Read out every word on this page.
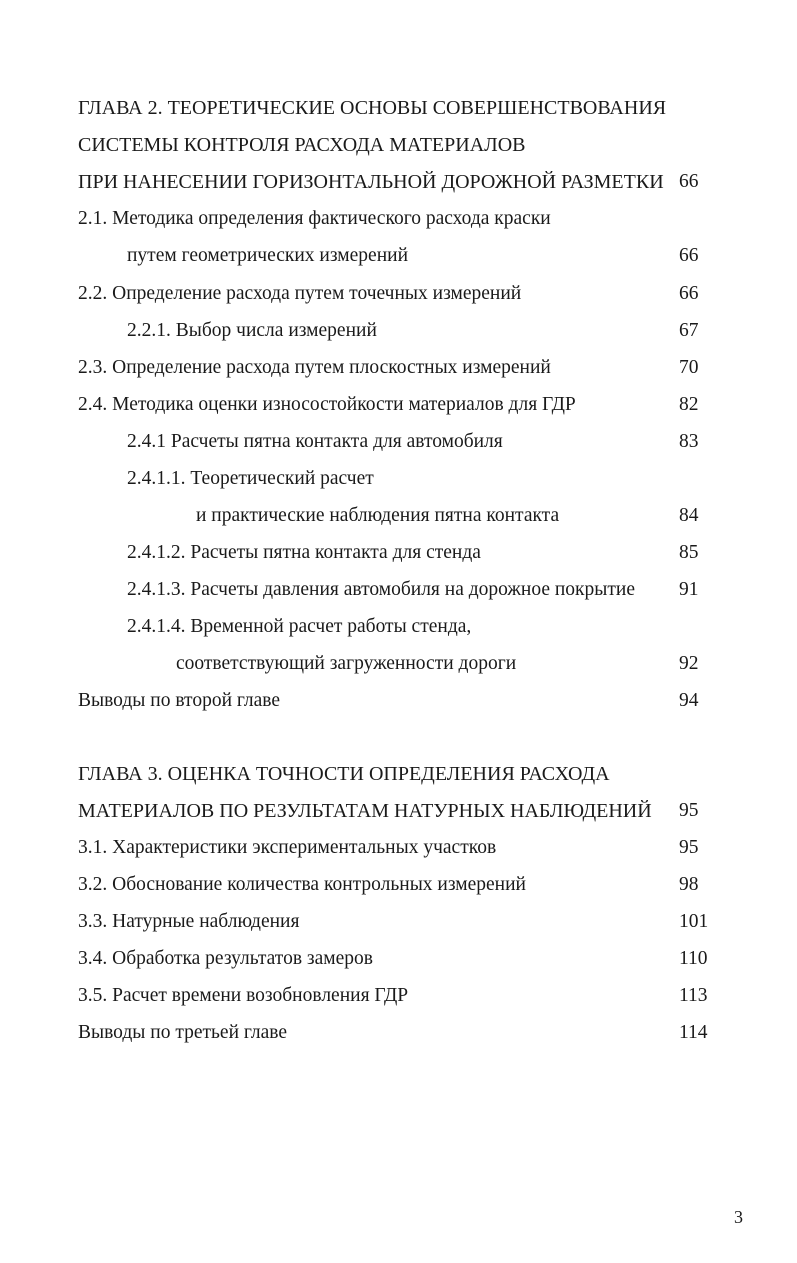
ГЛАВА 2. ТЕОРЕТИЧЕСКИЕ ОСНОВЫ СОВЕРШЕНСТВОВАНИЯ
СИСТЕМЫ КОНТРОЛЯ РАСХОДА МАТЕРИАЛОВ
ПРИ НАНЕСЕНИИ ГОРИЗОНТАЛЬНОЙ ДОРОЖНОЙ РАЗМЕТКИ 66
2.1. Методика определения фактического расхода краски
путем геометрических измерений	66
2.2. Определение расхода путем точечных измерений	66
2.2.1. Выбор числа измерений	67
2.3. Определение расхода путем плоскостных измерений	70
2.4. Методика оценки износостойкости материалов для ГДР	82
2.4.1 Расчеты пятна контакта для автомобиля	83
2.4.1.1. Теоретический расчет
и практические наблюдения пятна контакта	84
2.4.1.2. Расчеты пятна контакта для стенда	85
2.4.1.3. Расчеты давления автомобиля на дорожное покрытие 91
2.4.1.4. Временной расчет работы стенда,
соответствующий загруженности дороги	92
Выводы по второй главе	94
ГЛАВА 3. ОЦЕНКА ТОЧНОСТИ ОПРЕДЕЛЕНИЯ РАСХОДА
МАТЕРИАЛОВ ПО РЕЗУЛЬТАТАМ НАТУРНЫХ НАБЛЮДЕНИЙ 95
3.1. Характеристики экспериментальных участков	95
3.2. Обоснование количества контрольных измерений	98
3.3. Натурные наблюдения	101
3.4. Обработка результатов замеров	110
3.5. Расчет времени возобновления ГДР	113
Выводы по третьей главе	114
3
